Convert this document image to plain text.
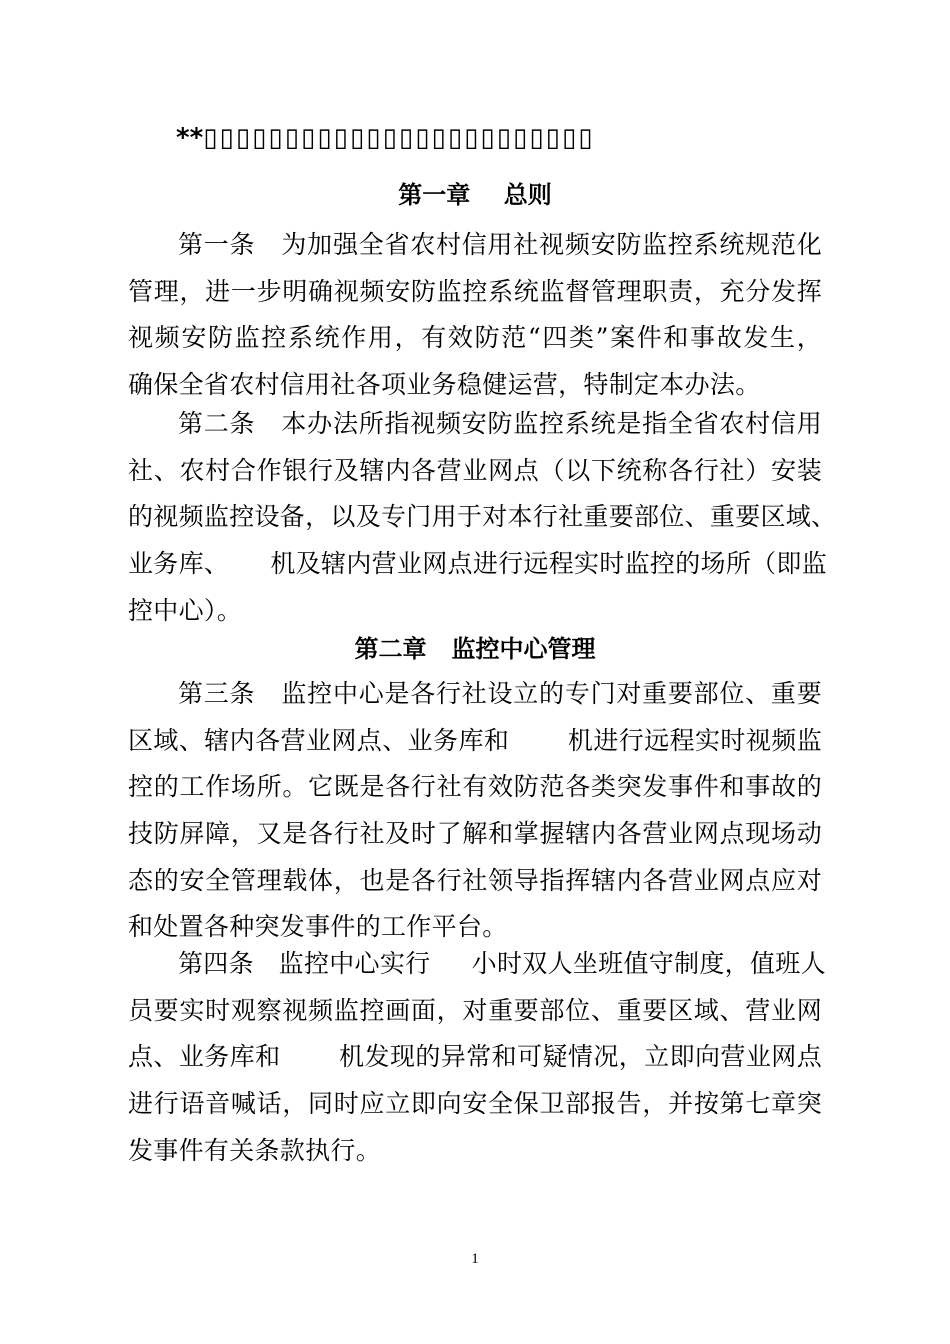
**▯▯▯▯▯▯▯▯▯▯▯▯▯▯▯▯▯▯▯▯▯▯▯▯
第一章    总则
第一条   为加强全省农村信用社视频安防监控系统规范化
管理，进一步明确视频安防监控系统监督管理职责，充分发挥
视频安防监控系统作用，有效防范“四类”案件和事故发生，
确保全省农村信用社各项业务稳健运营，特制定本办法。
第二条   本办法所指视频安防监控系统是指全省农村信用
社、农村合作银行及辖内各营业网点（以下统称各行社）安装
的视频监控设备，以及专门用于对本行社重要部位、重要区域、
业务库、     机及辖内营业网点进行远程实时监控的场所（即监
控中心）。
第二章   监控中心管理
第三条   监控中心是各行社设立的专门对重要部位、重要
区域、辖内各营业网点、业务库和       机进行远程实时视频监
控的工作场所。它既是各行社有效防范各类突发事件和事故的
技防屏障，又是各行社及时了解和掌握辖内各营业网点现场动
态的安全管理载体，也是各行社领导指挥辖内各营业网点应对
和处置各种突发事件的工作平台。
第四条   监控中心实行     小时双人坐班值守制度，值班人
员要实时观察视频监控画面，对重要部位、重要区域、营业网
点、业务库和       机发现的异常和可疑情况，立即向营业网点
进行语音喊话，同时应立即向安全保卫部报告，并按第七章突
发事件有关条款执行。
1
